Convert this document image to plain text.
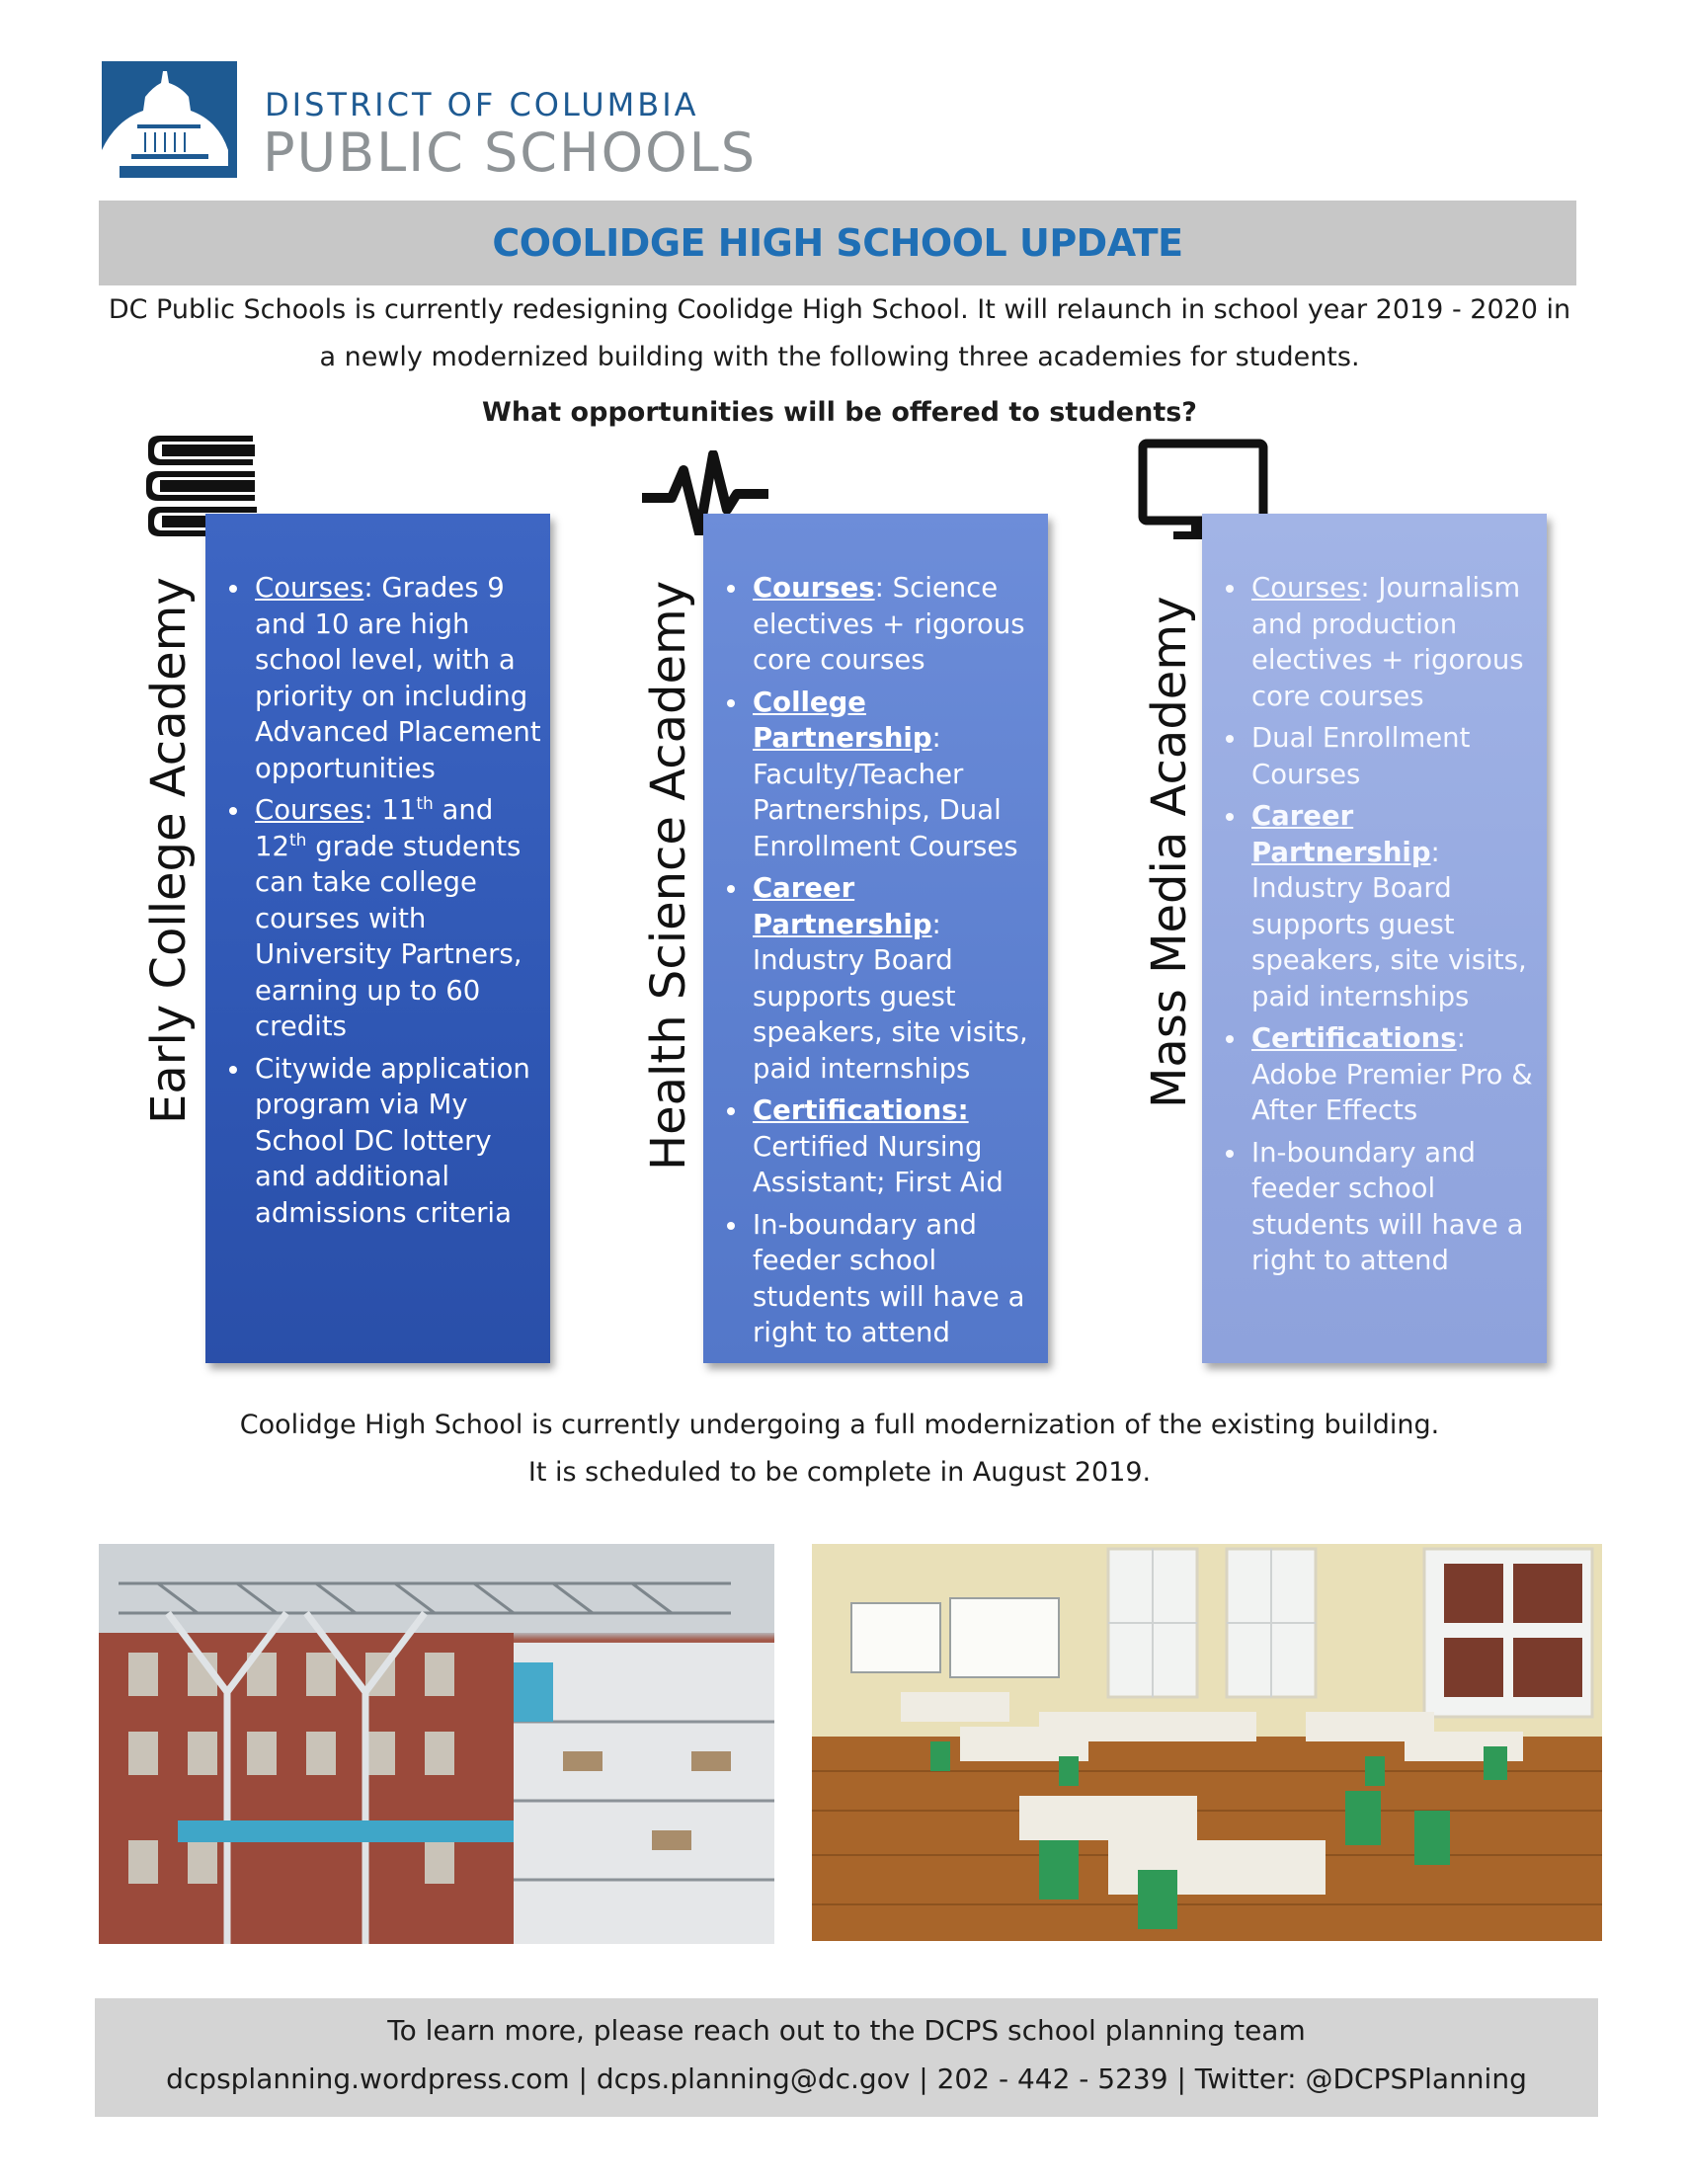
DISTRICT OF COLUMBIA
PUBLIC SCHOOLS
COOLIDGE HIGH SCHOOL UPDATE
DC Public Schools is currently redesigning Coolidge High School. It will relaunch in school year 2019 - 2020 in
a newly modernized building with the following three academies for students.
What opportunities will be offered to students?
Early College Academy	Health Science Academy	Mass Media Academy
Courses: Grades 9 and 10 are high school level, with a priority on including Advanced Placement opportunities
Courses: 11th and 12th grade students can take college courses with University Partners, earning up to 60 credits
Citywide application program via My School DC lottery and additional admissions criteria
Courses: Science electives + rigorous core courses
College Partnership: Faculty/Teacher Partnerships, Dual Enrollment Courses
Career Partnership: Industry Board supports guest speakers, site visits, paid internships
Certifications: Certified Nursing Assistant; First Aid
In-boundary and feeder school students will have a right to attend
Courses: Journalism and production electives + rigorous core courses
Dual Enrollment Courses
Career Partnership: Industry Board supports guest speakers, site visits, paid internships
Certifications: Adobe Premier Pro & After Effects
In-boundary and feeder school students will have a right to attend
Coolidge High School is currently undergoing a full modernization of the existing building.
It is scheduled to be complete in August 2019.
To learn more, please reach out to the DCPS school planning team
dcpsplanning.wordpress.com | dcps.planning@dc.gov | 202 - 442 - 5239 | Twitter: @DCPSPlanning
